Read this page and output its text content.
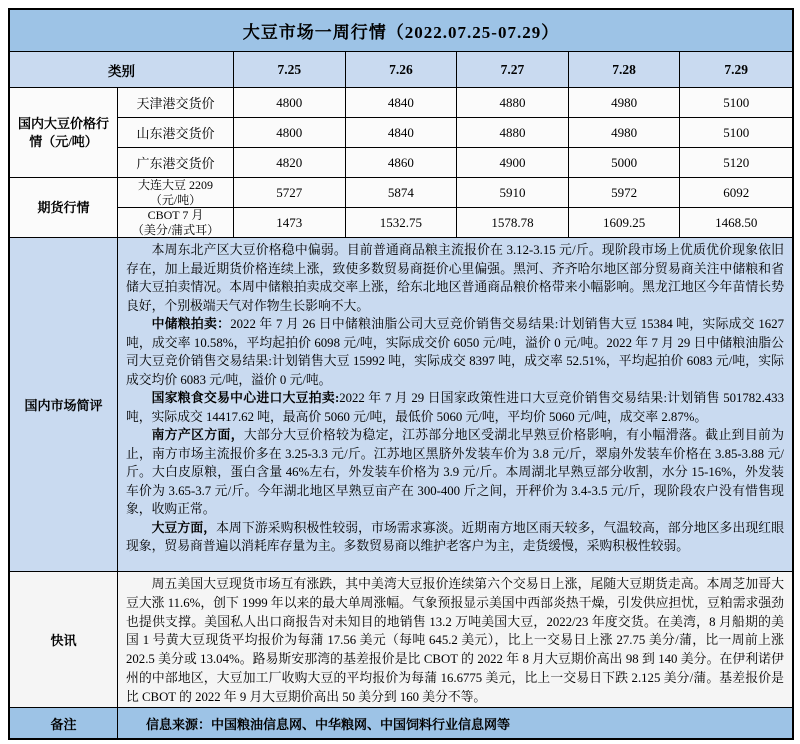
大豆市场一周行情（2022.07.25-07.29）
类别	7.25	7.26	7.27	7.28	7.29
国内大豆价格行情（元/吨）
天津港交货价	4800	4840	4880	4980	5100
山东港交货价	4800	4840	4880	4980	5100
广东港交货价	4820	4860	4900	5000	5120
期货行情
大连大豆 2209
（元/吨）	5727	5874	5910	5972	6092
CBOT 7 月
（美分/蒲式耳）	1473	1532.75	1578.78	1609.25	1468.50
国内市场简评

本周东北产区大豆价格稳中偏弱。目前普通商品粮主流报价在 3.12-3.15 元/斤。现阶段市场上优质优价现象依旧存在，加上最近期货价格连续上涨，致使多数贸易商挺价心里偏强。黑河、齐齐哈尔地区部分贸易商关注中储粮和省储大豆拍卖情况。本周中储粮拍卖成交率上涨，给东北地区普通商品粮价格带来小幅影响。黑龙江地区今年苗情长势良好，个别极端天气对作物生长影响不大。

中储粮拍卖：2022 年 7 月 26 日中储粮油脂公司大豆竞价销售交易结果:计划销售大豆 15384 吨，实际成交 1627 吨，成交率 10.58%，平均起拍价 6098 元/吨，实际成交价 6050 元/吨，溢价 0 元/吨。2022 年 7 月 29 日中储粮油脂公司大豆竞价销售交易结果:计划销售大豆 15992 吨，实际成交 8397 吨，成交率 52.51%，平均起拍价 6083 元/吨，实际成交均价 6083 元/吨，溢价 0 元/吨。

国家粮食交易中心进口大豆拍卖:2022 年 7 月 29 日国家政策性进口大豆竞价销售交易结果:计划销售 501782.433 吨，实际成交 14417.62 吨，最高价 5060 元/吨，最低价 5060 元/吨，平均价 5060 元/吨，成交率 2.87%。

南方产区方面，大部分大豆价格较为稳定，江苏部分地区受湖北早熟豆价格影响，有小幅滑落。截止到目前为止，南方市场主流报价多在 3.25-3.3 元/斤。江苏地区黑脐外发装车价为 3.8 元/斤，翠扇外发装车价格在 3.85-3.88 元/斤。大白皮原粮，蛋白含量 46%左右，外发装车价格为 3.9 元/斤。本周湖北早熟豆部分收割，水分 15-16%，外发装车价为 3.65-3.7 元/斤。今年湖北地区早熟豆亩产在 300-400 斤之间，开秤价为 3.4-3.5 元/斤，现阶段农户没有惜售现象，收购正常。

大豆方面，本周下游采购积极性较弱，市场需求寡淡。近期南方地区雨天较多，气温较高，部分地区多出现红眼现象，贸易商普遍以消耗库存量为主。多数贸易商以维护老客户为主，走货缓慢，采购积极性较弱。

快讯

周五美国大豆现货市场互有涨跌，其中美湾大豆报价连续第六个交易日上涨，尾随大豆期货走高。本周芝加哥大豆大涨 11.6%，创下 1999 年以来的最大单周涨幅。气象预报显示美国中西部炎热干燥，引发供应担忧，豆粕需求强劲也提供支撑。美国私人出口商报告对未知目的地销售 13.2 万吨美国大豆，2022/23 年度交货。在美湾，8 月船期的美国 1 号黄大豆现货平均报价为每蒲 17.56 美元（每吨 645.2 美元），比上一交易日上涨 27.75 美分/蒲，比一周前上涨 202.5 美分或 13.04%。路易斯安那湾的基差报价是比 CBOT 的 2022 年 8 月大豆期价高出 98 到 140 美分。在伊利诺伊州的中部地区，大豆加工厂收购大豆的平均报价为每蒲 16.6775 美元，比上一交易日下跌 2.125 美分/蒲。基差报价是比 CBOT 的 2022 年 9 月大豆期价高出 50 美分到 160 美分不等。

备注	信息来源：中国粮油信息网、中华粮网、中国饲料行业信息网等
